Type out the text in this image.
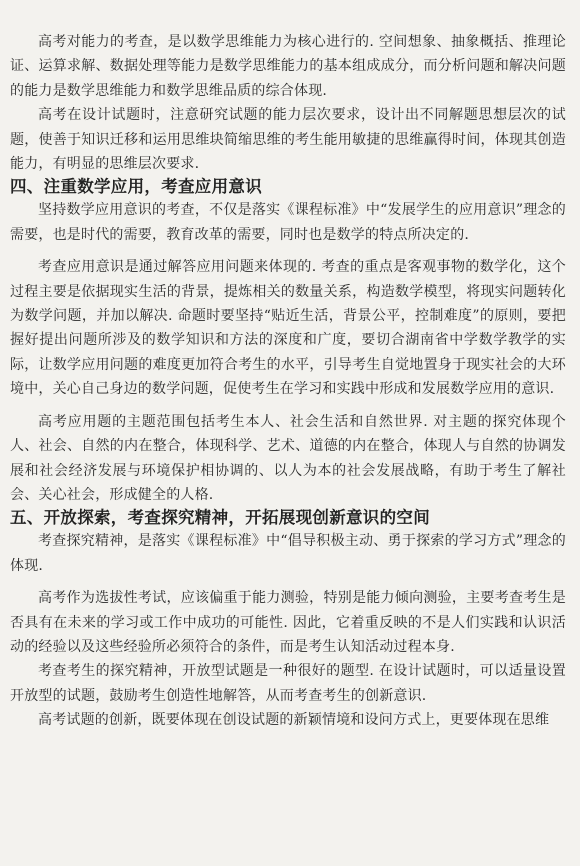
高考对能力的考查，是以数学思维能力为核心进行的. 空间想象、抽象概括、推理论证、运算求解、数据处理等能力是数学思维能力的基本组成成分，而分析问题和解决问题的能力是数学思维能力和数学思维品质的综合体现.

高考在设计试题时，注意研究试题的能力层次要求，设计出不同解题思想层次的试题，使善于知识迁移和运用思维块简缩思维的考生能用敏捷的思维赢得时间，体现其创造能力，有明显的思维层次要求.

四、注重数学应用，考查应用意识

坚持数学应用意识的考查，不仅是落实《课程标准》中“发展学生的应用意识”理念的需要，也是时代的需要，教育改革的需要，同时也是数学的特点所决定的.

考查应用意识是通过解答应用问题来体现的. 考查的重点是客观事物的数学化，这个过程主要是依据现实生活的背景，提炼相关的数量关系，构造数学模型，将现实问题转化为数学问题，并加以解决. 命题时要坚持“贴近生活，背景公平，控制难度”的原则，要把握好提出问题所涉及的数学知识和方法的深度和广度，要切合湖南省中学数学教学的实际，让数学应用问题的难度更加符合考生的水平，引导考生自觉地置身于现实社会的大环境中，关心自己身边的数学问题，促使考生在学习和实践中形成和发展数学应用的意识.

高考应用题的主题范围包括考生本人、社会生活和自然世界. 对主题的探究体现个人、社会、自然的内在整合，体现科学、艺术、道德的内在整合，体现人与自然的协调发展和社会经济发展与环境保护相协调的、以人为本的社会发展战略，有助于考生了解社会、关心社会，形成健全的人格.

五、开放探索，考查探究精神，开拓展现创新意识的空间

考查探究精神，是落实《课程标准》中“倡导积极主动、勇于探索的学习方式”理念的体现.

高考作为选拔性考试，应该偏重于能力测验，特别是能力倾向测验，主要考查考生是否具有在未来的学习或工作中成功的可能性. 因此，它着重反映的不是人们实践和认识活动的经验以及这些经验所必须符合的条件，而是考生认知活动过程本身.

考查考生的探究精神，开放型试题是一种很好的题型. 在设计试题时，可以适量设置开放型的试题，鼓励考生创造性地解答，从而考查考生的创新意识.

高考试题的创新，既要体现在创设试题的新颖情境和设问方式上，更要体现在思维
